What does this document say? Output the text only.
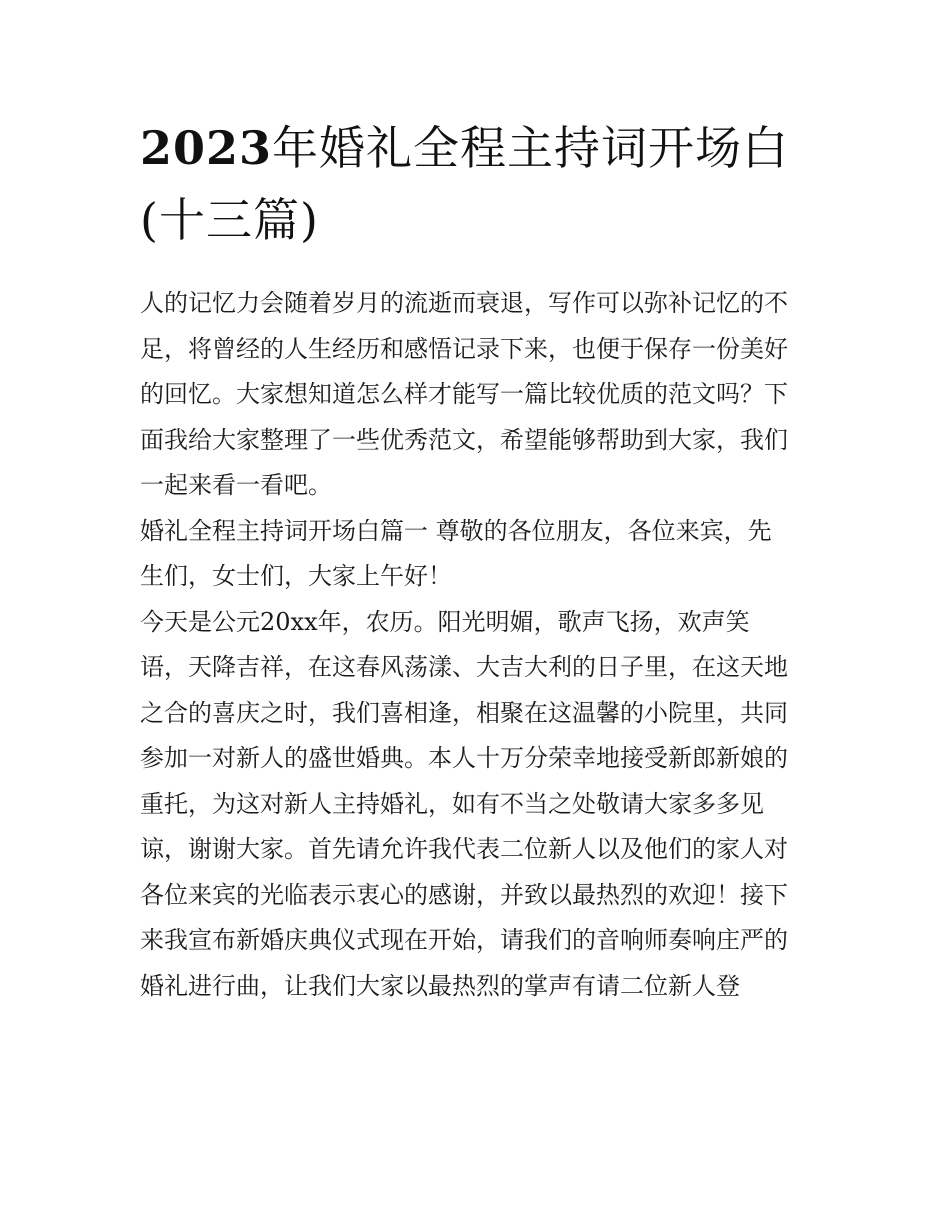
2023年婚礼全程主持词开场白
(十三篇)

人的记忆力会随着岁月的流逝而衰退，写作可以弥补记忆的不
足，将曾经的人生经历和感悟记录下来，也便于保存一份美好
的回忆。大家想知道怎么样才能写一篇比较优质的范文吗？下
面我给大家整理了一些优秀范文，希望能够帮助到大家，我们
一起来看一看吧。

婚礼全程主持词开场白篇一 尊敬的各位朋友，各位来宾，先
生们，女士们，大家上午好！

今天是公元20xx年，农历。阳光明媚，歌声飞扬，欢声笑
语，天降吉祥，在这春风荡漾、大吉大利的日子里，在这天地
之合的喜庆之时，我们喜相逢，相聚在这温馨的小院里，共同
参加一对新人的盛世婚典。本人十万分荣幸地接受新郎新娘的
重托，为这对新人主持婚礼，如有不当之处敬请大家多多见
谅，谢谢大家。首先请允许我代表二位新人以及他们的家人对
各位来宾的光临表示衷心的感谢，并致以最热烈的欢迎！接下
来我宣布新婚庆典仪式现在开始，请我们的音响师奏响庄严的
婚礼进行曲，让我们大家以最热烈的掌声有请二位新人登
